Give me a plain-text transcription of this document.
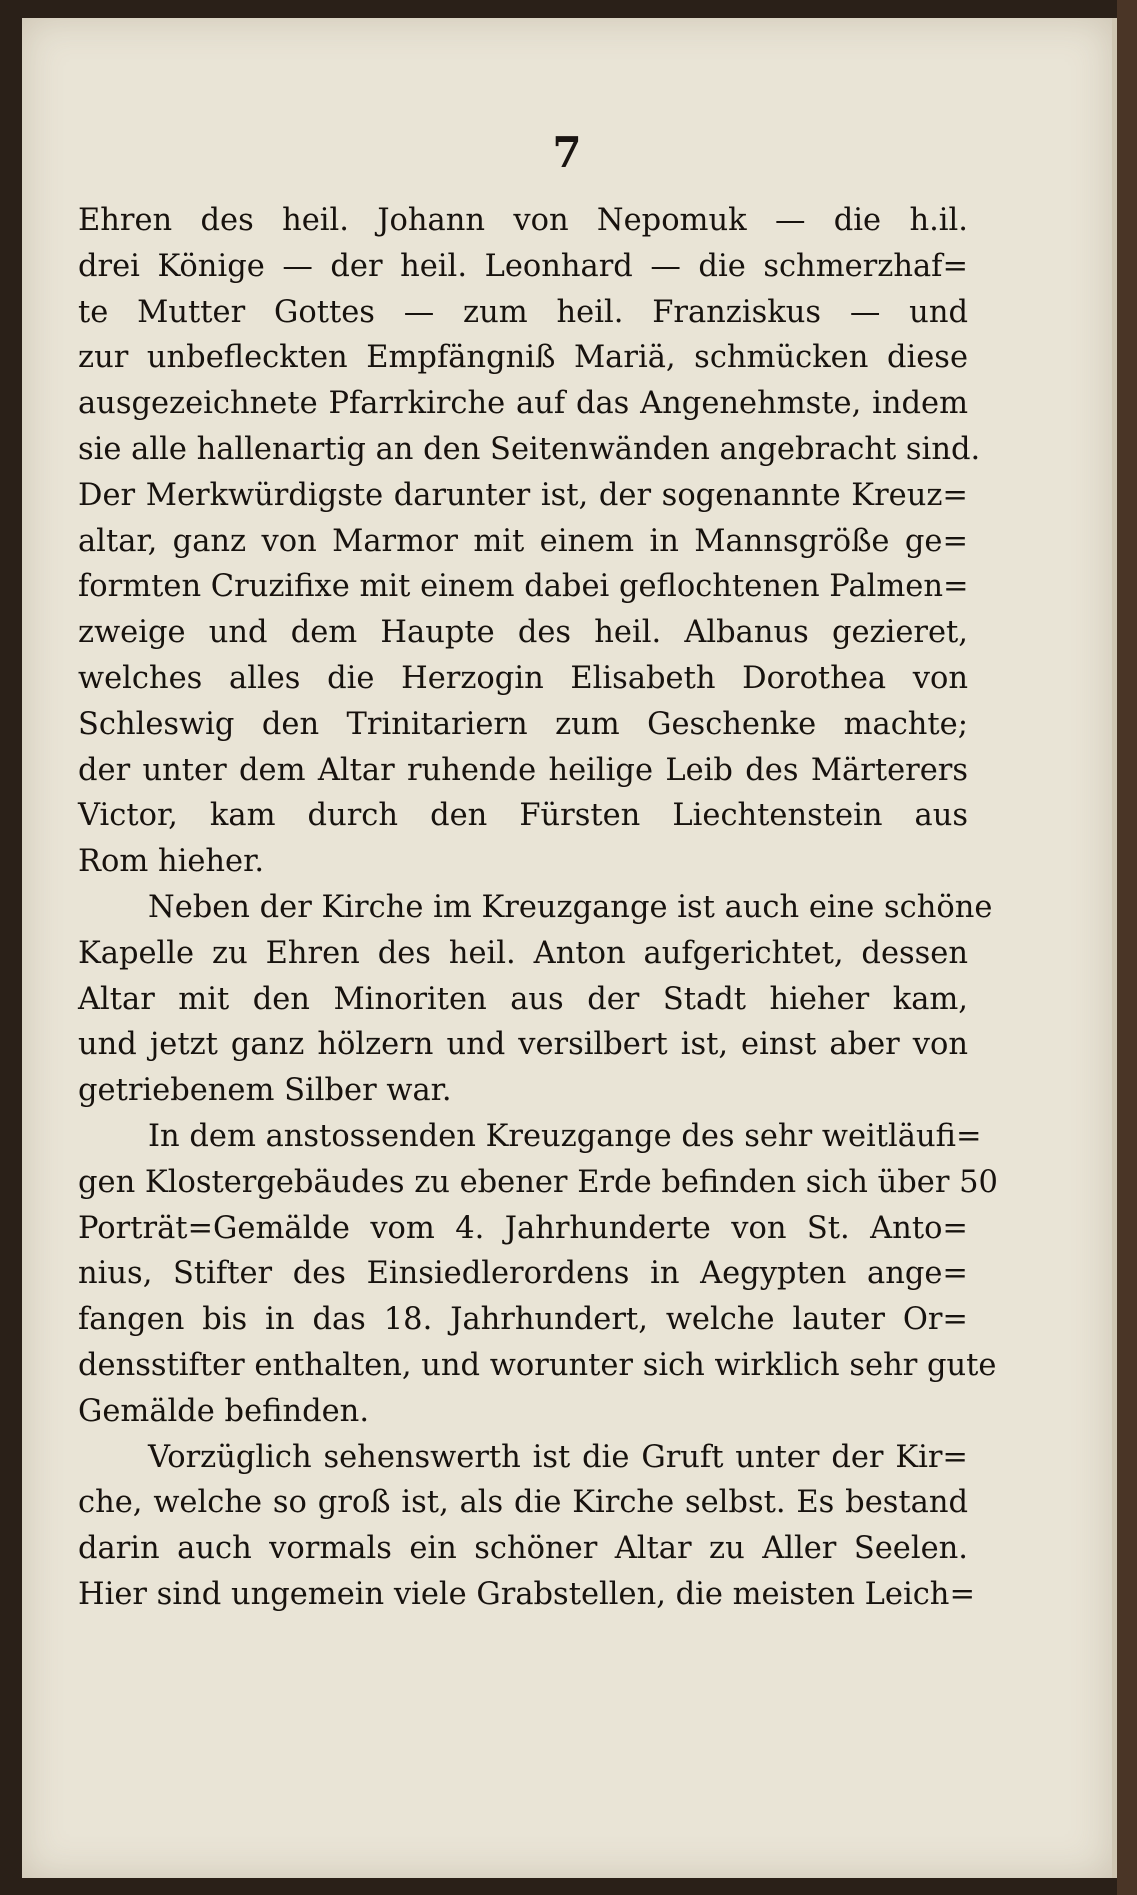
7
Ehren des heil. Johann von Nepomuk — die h.il.
drei Könige — der heil. Leonhard — die schmerzhaf=
te Mutter Gottes — zum heil. Franziskus — und
zur unbefleckten Empfängniß Mariä, schmücken diese
ausgezeichnete Pfarrkirche auf das Angenehmste, indem
sie alle hallenartig an den Seitenwänden angebracht sind.
Der Merkwürdigste darunter ist, der sogenannte Kreuz=
altar, ganz von Marmor mit einem in Mannsgröße ge=
formten Cruzifixe mit einem dabei geflochtenen Palmen=
zweige und dem Haupte des heil. Albanus gezieret,
welches alles die Herzogin Elisabeth Dorothea von
Schleswig den Trinitariern zum Geschenke machte;
der unter dem Altar ruhende heilige Leib des Märterers
Victor, kam durch den Fürsten Liechtenstein aus
Rom hieher.
Neben der Kirche im Kreuzgange ist auch eine schöne
Kapelle zu Ehren des heil. Anton aufgerichtet, dessen
Altar mit den Minoriten aus der Stadt hieher kam,
und jetzt ganz hölzern und versilbert ist, einst aber von
getriebenem Silber war.
In dem anstossenden Kreuzgange des sehr weitläufi=
gen Klostergebäudes zu ebener Erde befinden sich über 50
Porträt=Gemälde vom 4. Jahrhunderte von St. Anto=
nius, Stifter des Einsiedlerordens in Aegypten ange=
fangen bis in das 18. Jahrhundert, welche lauter Or=
densstifter enthalten, und worunter sich wirklich sehr gute
Gemälde befinden.
Vorzüglich sehenswerth ist die Gruft unter der Kir=
che, welche so groß ist, als die Kirche selbst. Es bestand
darin auch vormals ein schöner Altar zu Aller Seelen.
Hier sind ungemein viele Grabstellen, die meisten Leich=
